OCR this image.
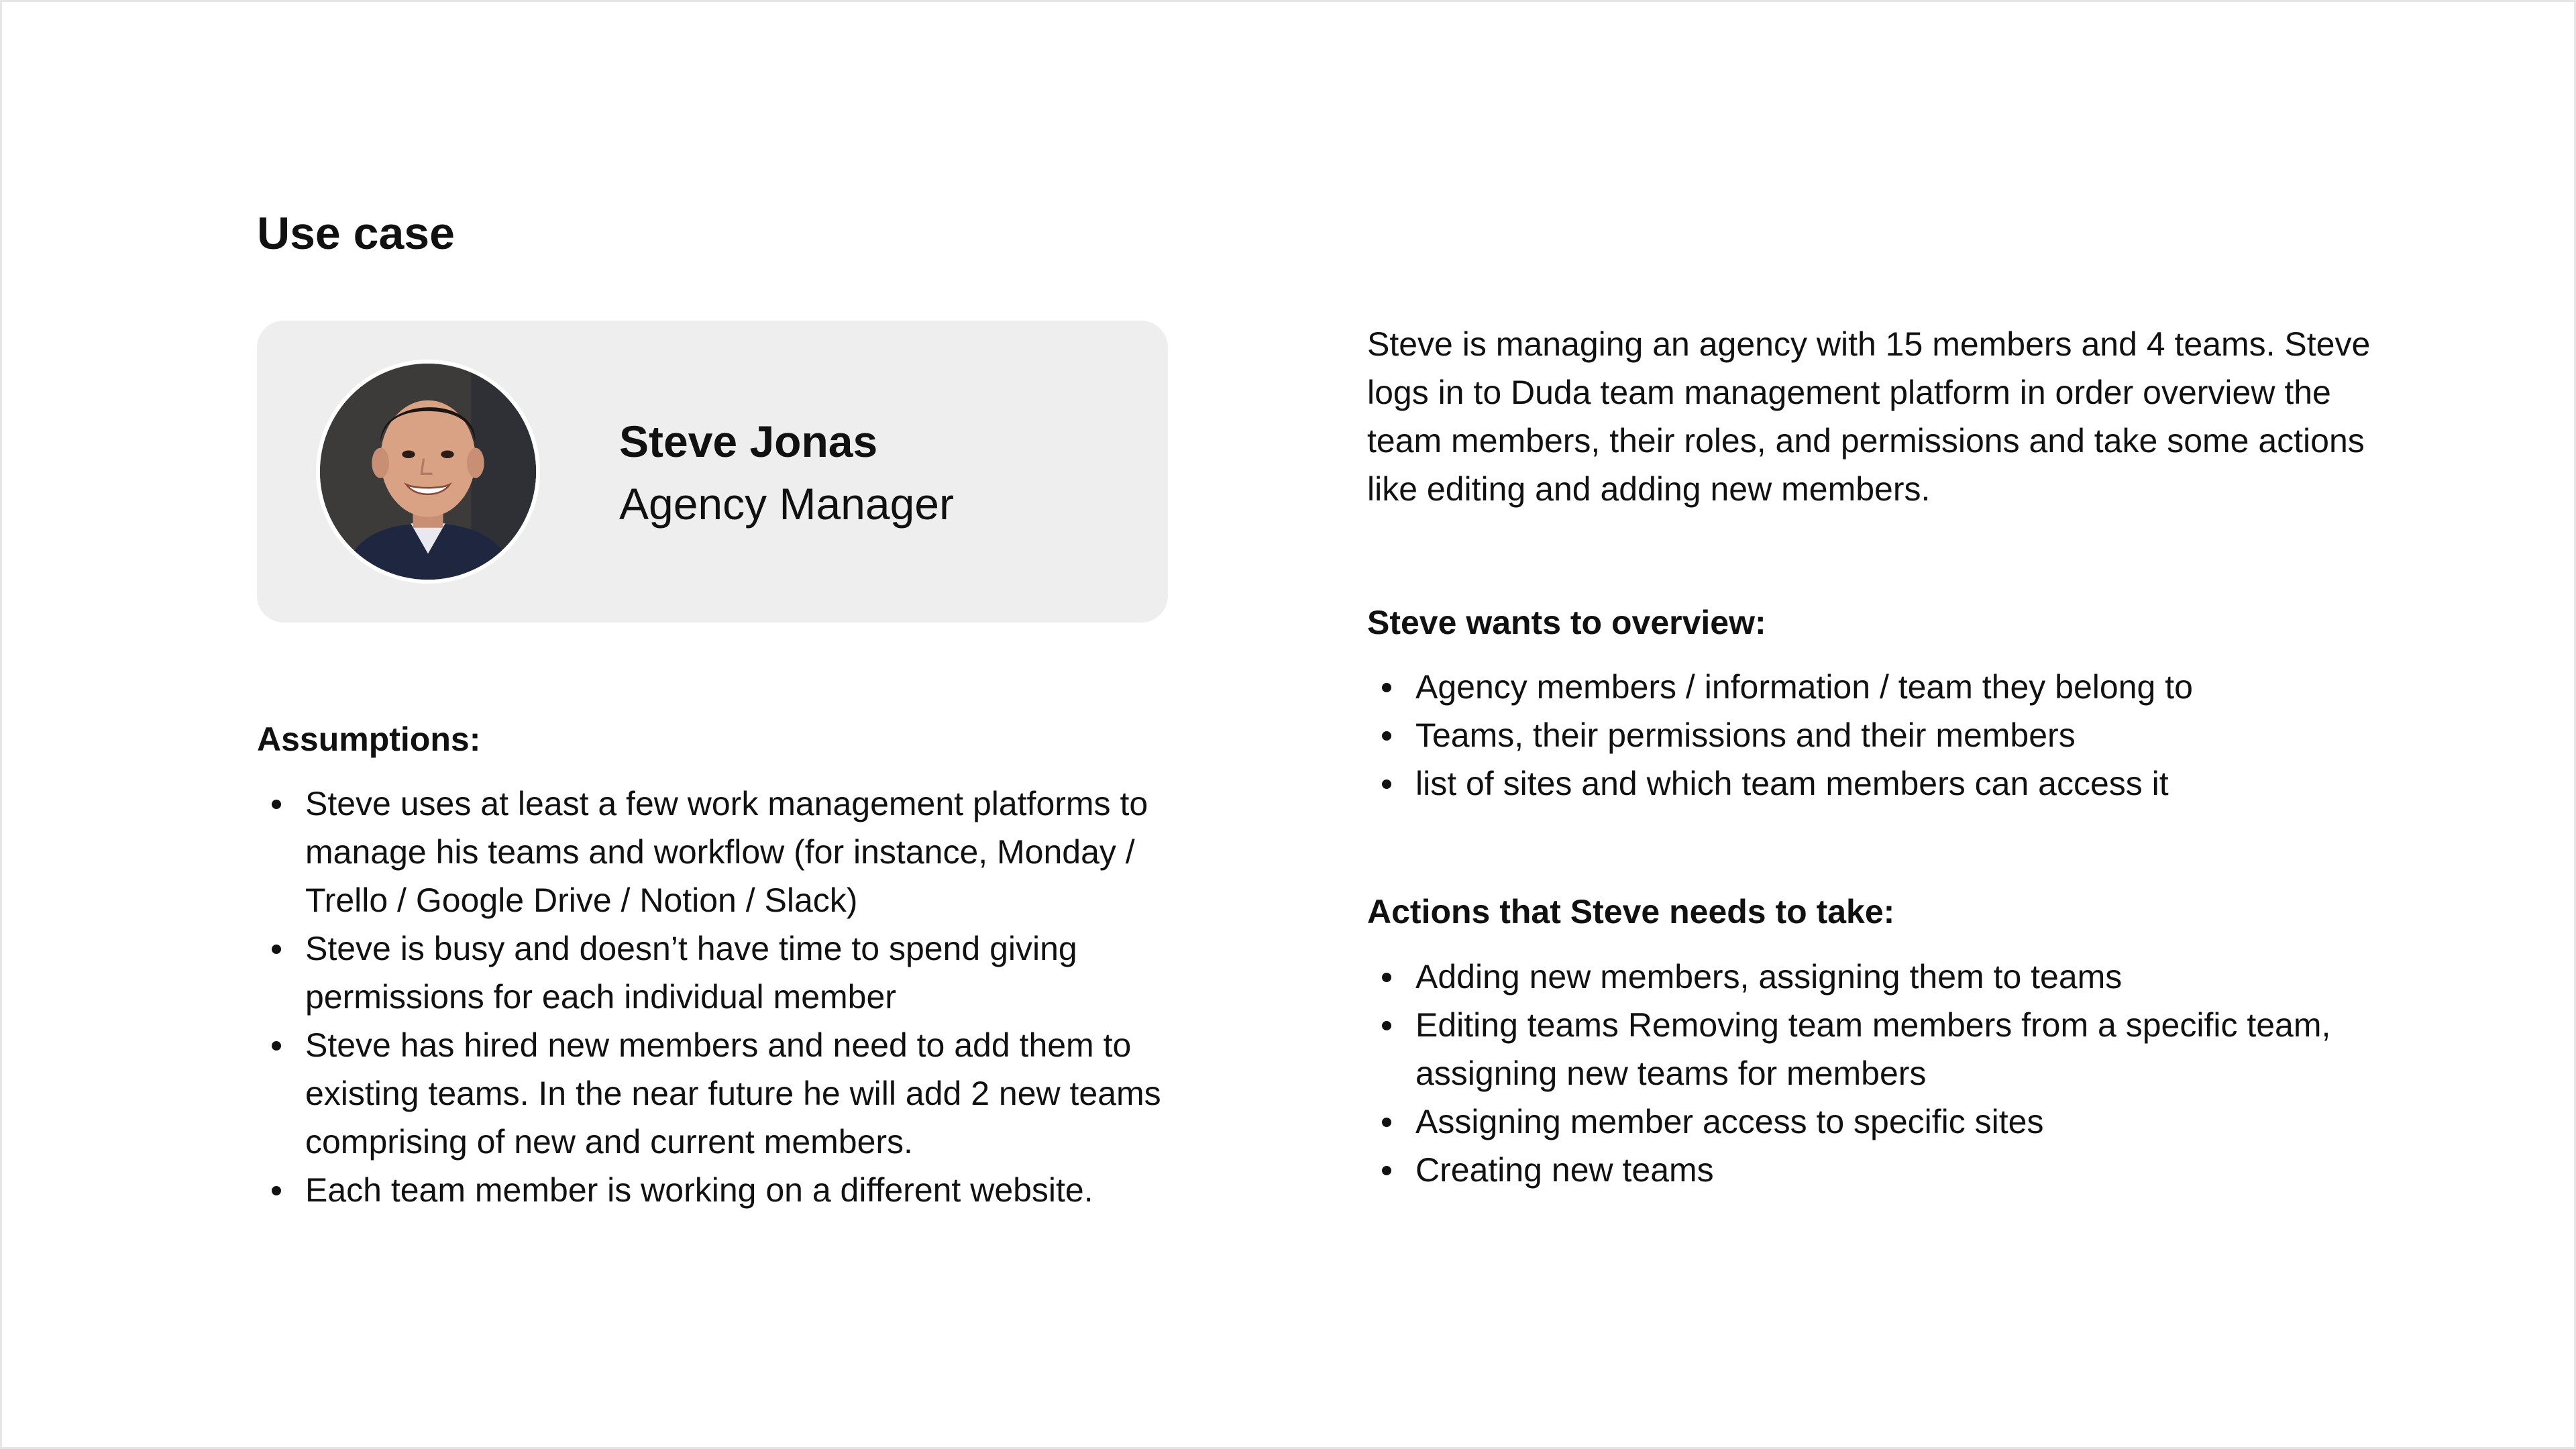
Use case
Steve Jonas
Agency Manager
Assumptions:
Steve uses at least a few work management platforms to manage his teams and workflow (for instance, Monday / Trello / Google Drive / Notion / Slack)
Steve is busy and doesn’t have time to spend giving permissions for each individual member
Steve has hired new members and need to add them to existing teams. In the near future he will add 2 new teams comprising of new and current members.
Each team member is working on a different website.

Steve is managing an agency with 15 members and 4 teams. Steve logs in to Duda team management platform in order overview the team members, their roles, and permissions and take some actions like editing and adding new members.

Steve wants to overview:
Agency members / information / team they belong to
Teams, their permissions and their members
list of sites and which team members can access it
Actions that Steve needs to take:
Adding new members, assigning them to teams
Editing teams Removing team members from a specific team, assigning new teams for members
Assigning member access to specific sites
Creating new teams
